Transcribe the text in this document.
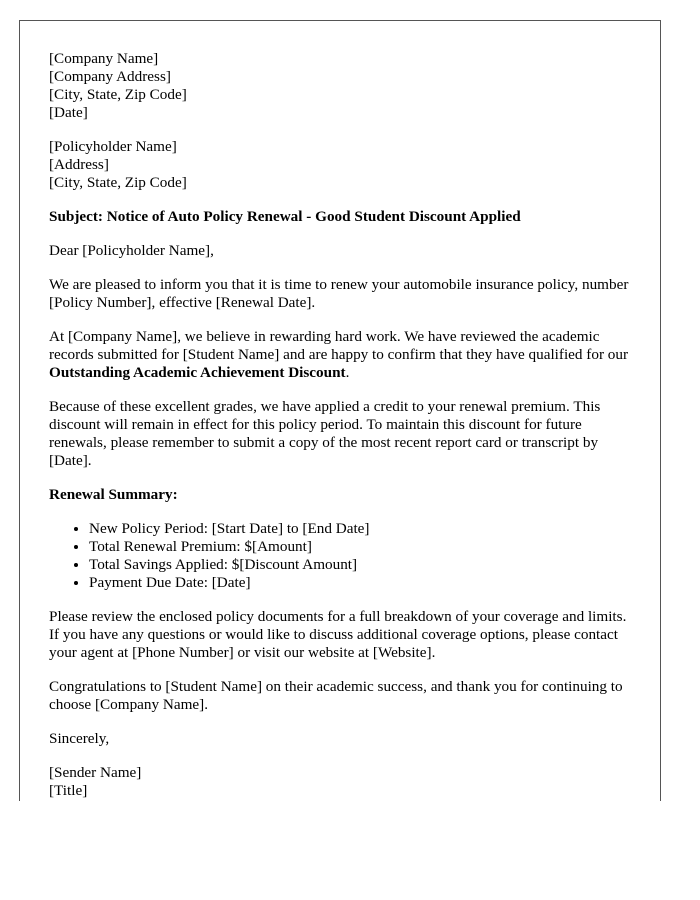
[Company Name]
[Company Address]
[City, State, Zip Code]
[Date]
[Policyholder Name]
[Address]
[City, State, Zip Code]

Subject: Notice of Auto Policy Renewal - Good Student Discount Applied

Dear [Policyholder Name],

We are pleased to inform you that it is time to renew your automobile insurance policy, number [Policy Number], effective [Renewal Date].

At [Company Name], we believe in rewarding hard work. We have reviewed the academic records submitted for [Student Name] and are happy to confirm that they have qualified for our Outstanding Academic Achievement Discount.

Because of these excellent grades, we have applied a credit to your renewal premium. This discount will remain in effect for this policy period. To maintain this discount for future renewals, please remember to submit a copy of the most recent report card or transcript by [Date].

Renewal Summary:

• New Policy Period: [Start Date] to [End Date]
• Total Renewal Premium: $[Amount]
• Total Savings Applied: $[Discount Amount]
• Payment Due Date: [Date]

Please review the enclosed policy documents for a full breakdown of your coverage and limits. If you have any questions or would like to discuss additional coverage options, please contact your agent at [Phone Number] or visit our website at [Website].

Congratulations to [Student Name] on their academic success, and thank you for continuing to choose [Company Name].

Sincerely,

[Sender Name]
[Title]
